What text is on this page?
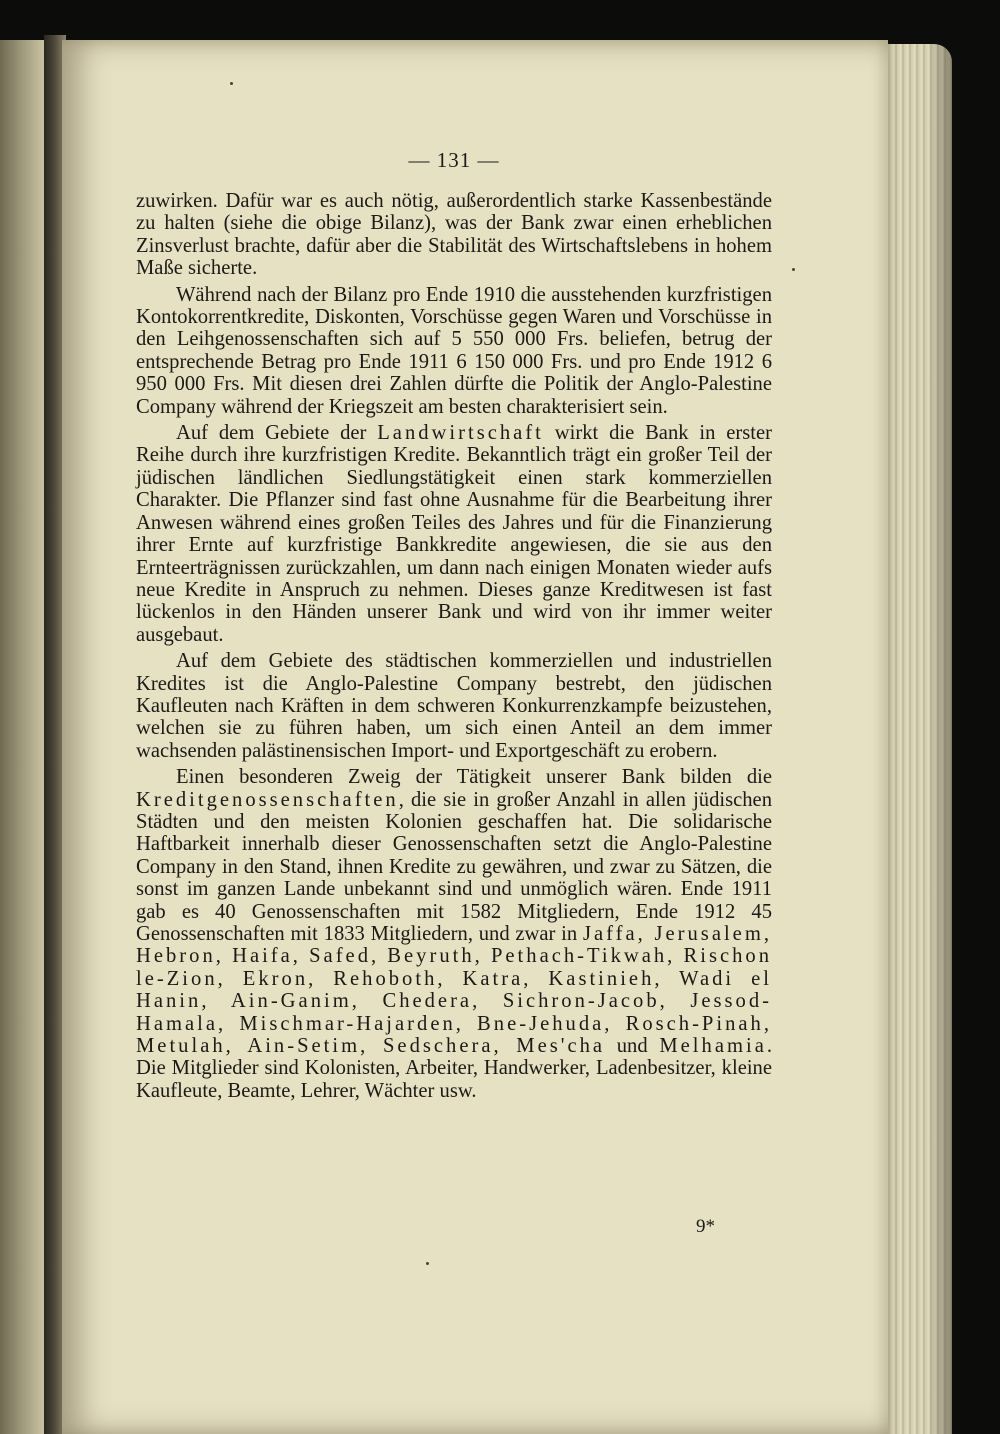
— 131 —

zuwirken. Dafür war es auch nötig, außerordentlich starke Kassenbestände zu halten (siehe die obige Bilanz), was der Bank zwar einen erheblichen Zinsverlust brachte, dafür aber die Stabilität des Wirtschaftslebens in hohem Maße sicherte.

Während nach der Bilanz pro Ende 1910 die ausstehenden kurzfristigen Kontokorrentkredite, Diskonten, Vorschüsse gegen Waren und Vorschüsse in den Leihgenossenschaften sich auf 5 550 000 Frs. beliefen, betrug der entsprechende Betrag pro Ende 1911 6 150 000 Frs. und pro Ende 1912 6 950 000 Frs. Mit diesen drei Zahlen dürfte die Politik der Anglo-Palestine Company während der Kriegszeit am besten charakterisiert sein.

Auf dem Gebiete der Landwirtschaft wirkt die Bank in erster Reihe durch ihre kurzfristigen Kredite. Bekanntlich trägt ein großer Teil der jüdischen ländlichen Siedlungstätigkeit einen stark kommerziellen Charakter. Die Pflanzer sind fast ohne Ausnahme für die Bearbeitung ihrer Anwesen während eines großen Teiles des Jahres und für die Finanzierung ihrer Ernte auf kurzfristige Bankkredite angewiesen, die sie aus den Ernteerträgnissen zurückzahlen, um dann nach einigen Monaten wieder aufs neue Kredite in Anspruch zu nehmen. Dieses ganze Kreditwesen ist fast lückenlos in den Händen unserer Bank und wird von ihr immer weiter ausgebaut.

Auf dem Gebiete des städtischen kommerziellen und industriellen Kredites ist die Anglo-Palestine Company bestrebt, den jüdischen Kaufleuten nach Kräften in dem schweren Konkurrenzkampfe beizustehen, welchen sie zu führen haben, um sich einen Anteil an dem immer wachsenden palästinensischen Import- und Exportgeschäft zu erobern.

Einen besonderen Zweig der Tätigkeit unserer Bank bilden die Kreditgenossenschaften, die sie in großer Anzahl in allen jüdischen Städten und den meisten Kolonien geschaffen hat. Die solidarische Haftbarkeit innerhalb dieser Genossenschaften setzt die Anglo-Palestine Company in den Stand, ihnen Kredite zu gewähren, und zwar zu Sätzen, die sonst im ganzen Lande unbekannt sind und unmöglich wären. Ende 1911 gab es 40 Genossenschaften mit 1582 Mitgliedern, Ende 1912 45 Genossenschaften mit 1833 Mitgliedern, und zwar in Jaffa, Jerusalem, Hebron, Haifa, Safed, Beyruth, Pethach-Tikwah, Rischon le-Zion, Ekron, Rehoboth, Katra, Kastinieh, Wadi el Hanin, Ain-Ganim, Chedera, Sichron-Jacob, Jessod-Hamala, Mischmar-Hajarden, Bne-Jehuda, Rosch-Pinah, Metulah, Ain-Setim, Sedschera, Mes'cha und Melhamia. Die Mitglieder sind Kolonisten, Arbeiter, Handwerker, Ladenbesitzer, kleine Kaufleute, Beamte, Lehrer, Wächter usw.

9*
